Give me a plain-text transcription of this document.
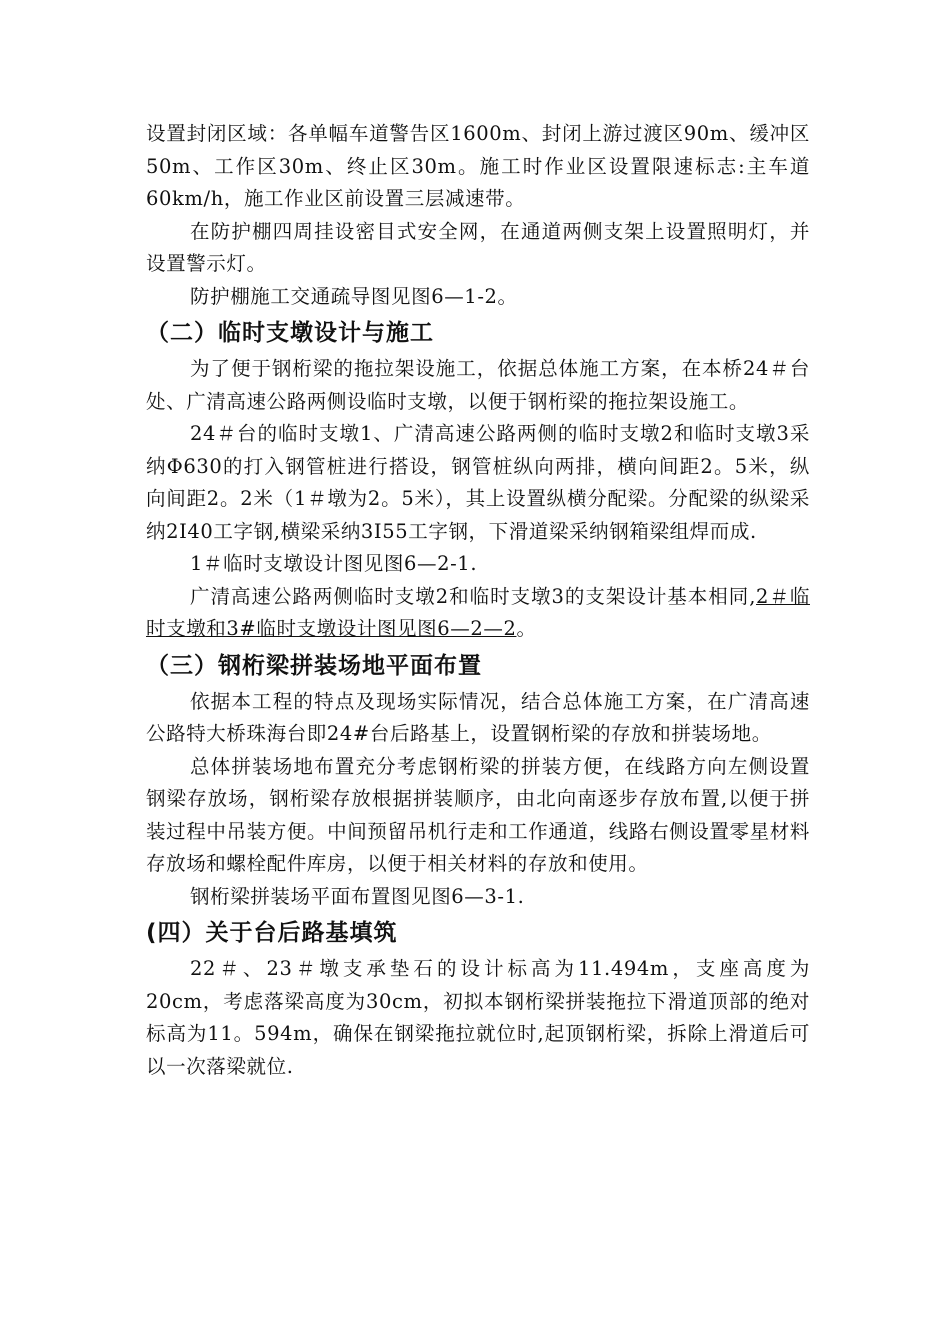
设置封闭区域：各单幅车道警告区1600m、封闭上游过渡区90m、缓冲区50m、工作区30m、终止区30m。施工时作业区设置限速标志:主车道60km/h，施工作业区前设置三层减速带。

在防护棚四周挂设密目式安全网，在通道两侧支架上设置照明灯，并设置警示灯。

防护棚施工交通疏导图见图6—1-2。

（二）临时支墩设计与施工

为了便于钢桁梁的拖拉架设施工，依据总体施工方案，在本桥24＃台处、广清高速公路两侧设临时支墩，以便于钢桁梁的拖拉架设施工。

24＃台的临时支墩1、广清高速公路两侧的临时支墩2和临时支墩3采纳Φ630的打入钢管桩进行搭设，钢管桩纵向两排，横向间距2。5米，纵向间距2。2米（1＃墩为2。5米），其上设置纵横分配梁。分配梁的纵梁采纳2I40工字钢,横梁采纳3I55工字钢，下滑道梁采纳钢箱梁组焊而成.

1＃临时支墩设计图见图6—2-1.

广清高速公路两侧临时支墩2和临时支墩3的支架设计基本相同,2＃临时支墩和3#临时支墩设计图见图6—2—2。

（三）钢桁梁拼装场地平面布置

依据本工程的特点及现场实际情况，结合总体施工方案，在广清高速公路特大桥珠海台即24#台后路基上，设置钢桁梁的存放和拼装场地。

总体拼装场地布置充分考虑钢桁梁的拼装方便，在线路方向左侧设置钢梁存放场，钢桁梁存放根据拼装顺序，由北向南逐步存放布置,以便于拼装过程中吊装方便。中间预留吊机行走和工作通道，线路右侧设置零星材料存放场和螺栓配件库房，以便于相关材料的存放和使用。

钢桁梁拼装场平面布置图见图6—3-1.

(四）关于台后路基填筑

22＃、23＃墩支承垫石的设计标高为11.494m，支座高度为20cm，考虑落梁高度为30cm，初拟本钢桁梁拼装拖拉下滑道顶部的绝对标高为11。594m，确保在钢梁拖拉就位时,起顶钢桁梁，拆除上滑道后可以一次落梁就位.
